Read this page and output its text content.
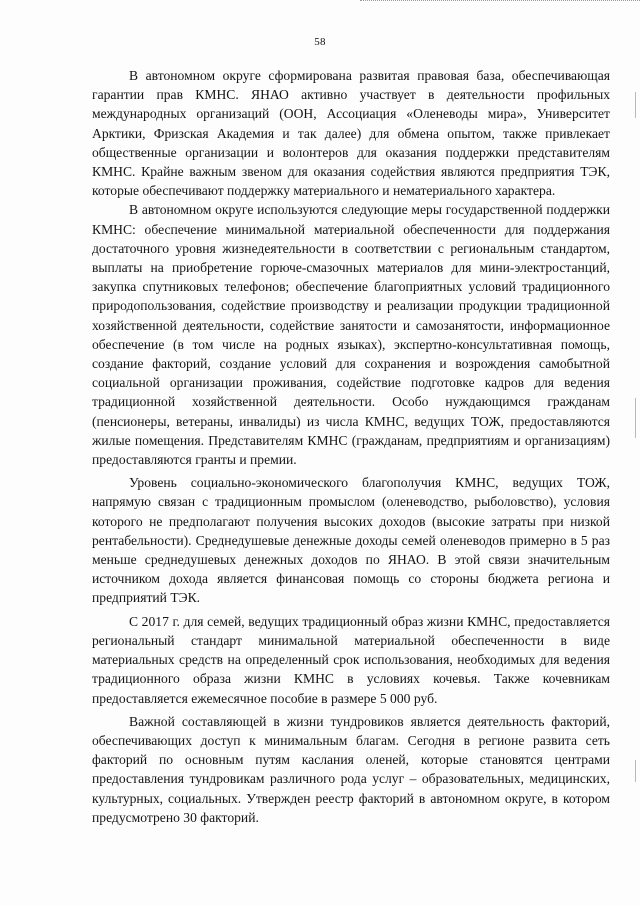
58

В автономном округе сформирована развитая правовая база, обеспечивающая гарантии прав КМНС. ЯНАО активно участвует в деятельности профильных международных организаций (ООН, Ассоциация «Оленеводы мира», Университет Арктики, Фризская Академия и так далее) для обмена опытом, также привлекает общественные организации и волонтеров для оказания поддержки представителям КМНС. Крайне важным звеном для оказания содействия являются предприятия ТЭК, которые обеспечивают поддержку материального и нематериального характера.

В автономном округе используются следующие меры государственной поддержки КМНС: обеспечение минимальной материальной обеспеченности для поддержания достаточного уровня жизнедеятельности в соответствии с региональным стандартом, выплаты на приобретение горюче-смазочных материалов для мини-электростанций, закупка спутниковых телефонов; обеспечение благоприятных условий традиционного природопользования, содействие производству и реализации продукции традиционной хозяйственной деятельности, содействие занятости и самозанятости, информационное обеспечение (в том числе на родных языках), экспертно-консультативная помощь, создание факторий, создание условий для сохранения и возрождения самобытной социальной организации проживания, содействие подготовке кадров для ведения традиционной хозяйственной деятельности. Особо нуждающимся гражданам (пенсионеры, ветераны, инвалиды) из числа КМНС, ведущих ТОЖ, предоставляются жилые помещения. Представителям КМНС (гражданам, предприятиям и организациям) предоставляются гранты и премии.

Уровень социально-экономического благополучия КМНС, ведущих ТОЖ, напрямую связан с традиционным промыслом (оленеводство, рыболовство), условия которого не предполагают получения высоких доходов (высокие затраты при низкой рентабельности). Среднедушевые денежные доходы семей оленеводов примерно в 5 раз меньше среднедушевых денежных доходов по ЯНАО. В этой связи значительным источником дохода является финансовая помощь со стороны бюджета региона и предприятий ТЭК.

С 2017 г. для семей, ведущих традиционный образ жизни КМНС, предоставляется региональный стандарт минимальной материальной обеспеченности в виде материальных средств на определенный срок использования, необходимых для ведения традиционного образа жизни КМНС в условиях кочевья. Также кочевникам предоставляется ежемесячное пособие в размере 5 000 руб.

Важной составляющей в жизни тундровиков является деятельность факторий, обеспечивающих доступ к минимальным благам. Сегодня в регионе развита сеть факторий по основным путям каслания оленей, которые становятся центрами предоставления тундровикам различного рода услуг – образовательных, медицинских, культурных, социальных. Утвержден реестр факторий в автономном округе, в котором предусмотрено 30 факторий.
